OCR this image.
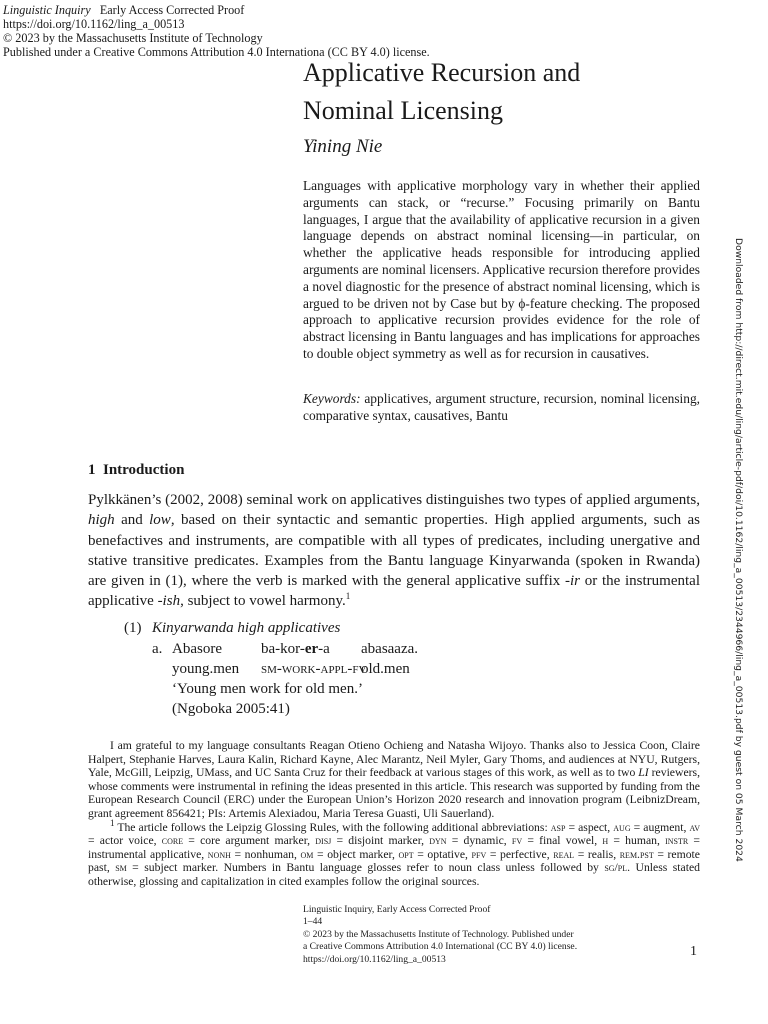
Linguistic Inquiry Early Access Corrected Proof
https://doi.org/10.1162/ling_a_00513
© 2023 by the Massachusetts Institute of Technology
Published under a Creative Commons Attribution 4.0 Internationa (CC BY 4.0) license.
Applicative Recursion and
Nominal Licensing
Yining Nie
Languages with applicative morphology vary in whether their applied arguments can stack, or “recurse.” Focusing primarily on Bantu languages, I argue that the availability of applicative recursion in a given language depends on abstract nominal licensing—in particular, on whether the applicative heads responsible for introducing applied arguments are nominal licensers. Applicative recursion therefore provides a novel diagnostic for the presence of abstract nominal licensing, which is argued to be driven not by Case but by ϕ-feature checking. The proposed approach to applicative recursion provides evidence for the role of abstract licensing in Bantu languages and has implications for approaches to double object symmetry as well as for recursion in causatives.
Keywords: applicatives, argument structure, recursion, nominal licensing, comparative syntax, causatives, Bantu	Downloaded from http://direct.mit.edu/ling/article-pdf/doi/10.1162/ling_a_00513/2344966/ling_a_00513.pdf by guest on 05 March 2024
1 Introduction
Pylkkänen’s (2002, 2008) seminal work on applicatives distinguishes two types of applied arguments, high and low, based on their syntactic and semantic properties. High applied arguments, such as benefactives and instruments, are compatible with all types of predicates, including unergative and stative transitive predicates. Examples from the Bantu language Kinyarwanda (spoken in Rwanda) are given in (1), where the verb is marked with the general applicative suffix -ir or the instrumental applicative -ish, subject to vowel harmony.$^1$
(1) Kinyarwanda high applicatives
a. Abasore	ba-kor-er-a abasaaza.
young.men sm-work-appl-fv
old.men
‘Young men work for old men.’
(Ngoboka 2005:41)
I am grateful to my language consultants Reagan Otieno Ochieng and Natasha Wijoyo. Thanks also to Jessica Coon, Claire Halpert, Stephanie Harves, Laura Kalin, Richard Kayne, Alec Marantz, Neil Myler, Gary Thoms, and audiences at NYU, Rutgers, Yale, McGill, Leipzig, UMass, and UC Santa Cruz for their feedback at various stages of this work, as well as to two LI reviewers, whose comments were instrumental in refining the ideas presented in this article. This research was supported by funding from the European Research Council (ERC) under the European Union’s Horizon 2020 research and innovation program (LeibnizDream, grant agreement 856421; PIs: Artemis Alexiadou, Maria Teresa Guasti, Uli Sauerland).
$^1$ The article follows the Leipzig Glossing Rules, with the following additional abbreviations: asp = aspect, aug = augment, av = actor voice, core = core argument marker, disj = disjoint marker, dyn = dynamic, fv = final vowel, h = human, instr = instrumental applicative, nonh = nonhuman, om = object marker, opt = optative, pfv = perfective, real = realis, rem.pst = remote past, sm = subject marker. Numbers in Bantu language glosses refer to noun class unless followed by sg/pl. Unless stated otherwise, glossing and capitalization in cited examples follow the original sources.
Linguistic Inquiry, Early Access Corrected Proof
1–44
© 2023 by the Massachusetts Institute of Technology. Published under
a Creative Commons Attribution 4.0 International (CC BY 4.0) license.
https://doi.org/10.1162/ling_a_00513
1
